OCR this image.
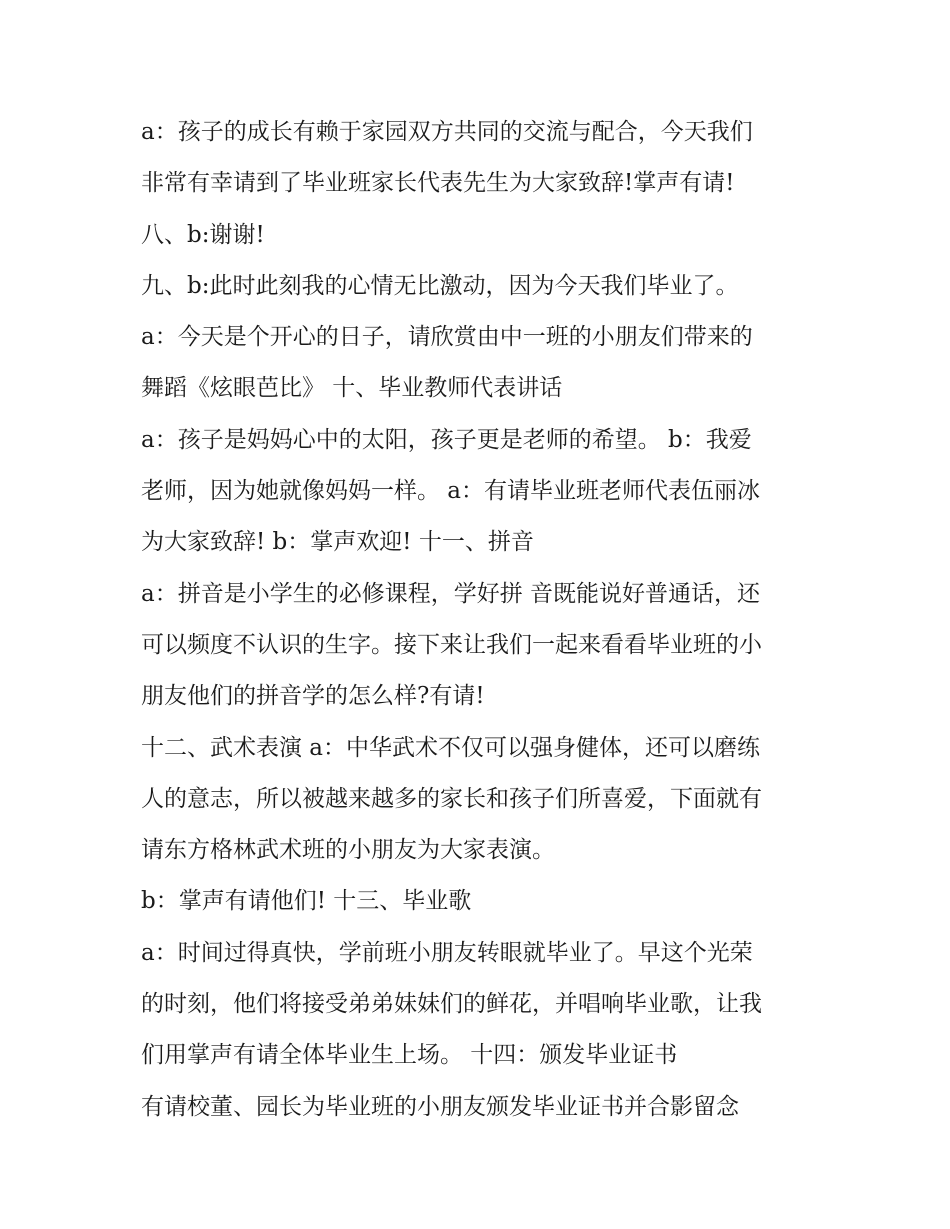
a：孩子的成长有赖于家园双方共同的交流与配合，今天我们
非常有幸请到了毕业班家长代表先生为大家致辞!掌声有请!
八、b:谢谢!
九、b:此时此刻我的心情无比激动，因为今天我们毕业了。
a：今天是个开心的日子，请欣赏由中一班的小朋友们带来的
舞蹈《炫眼芭比》 十、毕业教师代表讲话
a：孩子是妈妈心中的太阳，孩子更是老师的希望。 b：我爱
老师，因为她就像妈妈一样。 a：有请毕业班老师代表伍丽冰
为大家致辞! b：掌声欢迎! 十一、拼音
a：拼音是小学生的必修课程，学好拼 音既能说好普通话，还
可以频度不认识的生字。接下来让我们一起来看看毕业班的小
朋友他们的拼音学的怎么样?有请!
十二、武术表演 a：中华武术不仅可以强身健体，还可以磨练
人的意志，所以被越来越多的家长和孩子们所喜爱，下面就有
请东方格林武术班的小朋友为大家表演。
b：掌声有请他们! 十三、毕业歌
a：时间过得真快，学前班小朋友转眼就毕业了。早这个光荣
的时刻，他们将接受弟弟妹妹们的鲜花，并唱响毕业歌，让我
们用掌声有请全体毕业生上场。 十四：颁发毕业证书
有请校董、园长为毕业班的小朋友颁发毕业证书并合影留念
